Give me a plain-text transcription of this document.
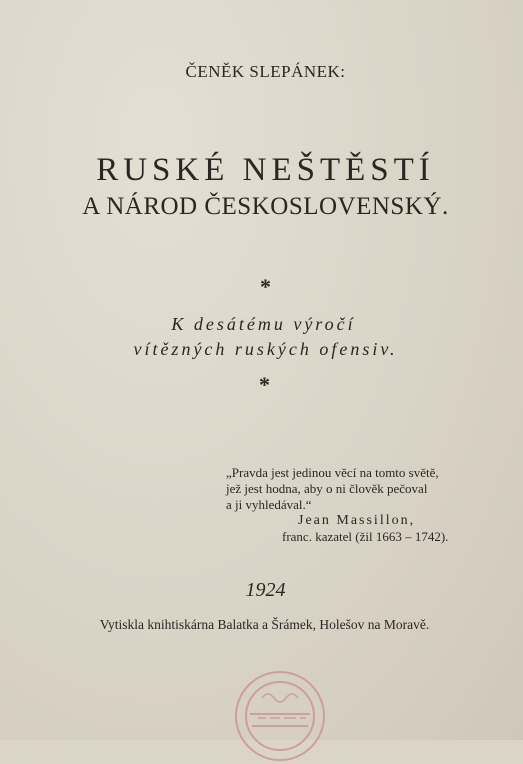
ČENĚK SLEPÁNEK:
RUSKÉ NEŠTĚSTÍ
A NÁROD ČESKOSLOVENSKÝ.
*
K desátému výročí
vítězných ruských ofensiv.
*
„Pravda jest jedinou věcí na tomto světě,
jež jest hodna, aby o ni člověk pečoval
a ji vyhledával.“
Jean Massillon,
franc. kazatel (žil 1663 – 1742).
1924
Vytiskla knihtiskárna Balatka a Šrámek, Holešov na Moravě.
